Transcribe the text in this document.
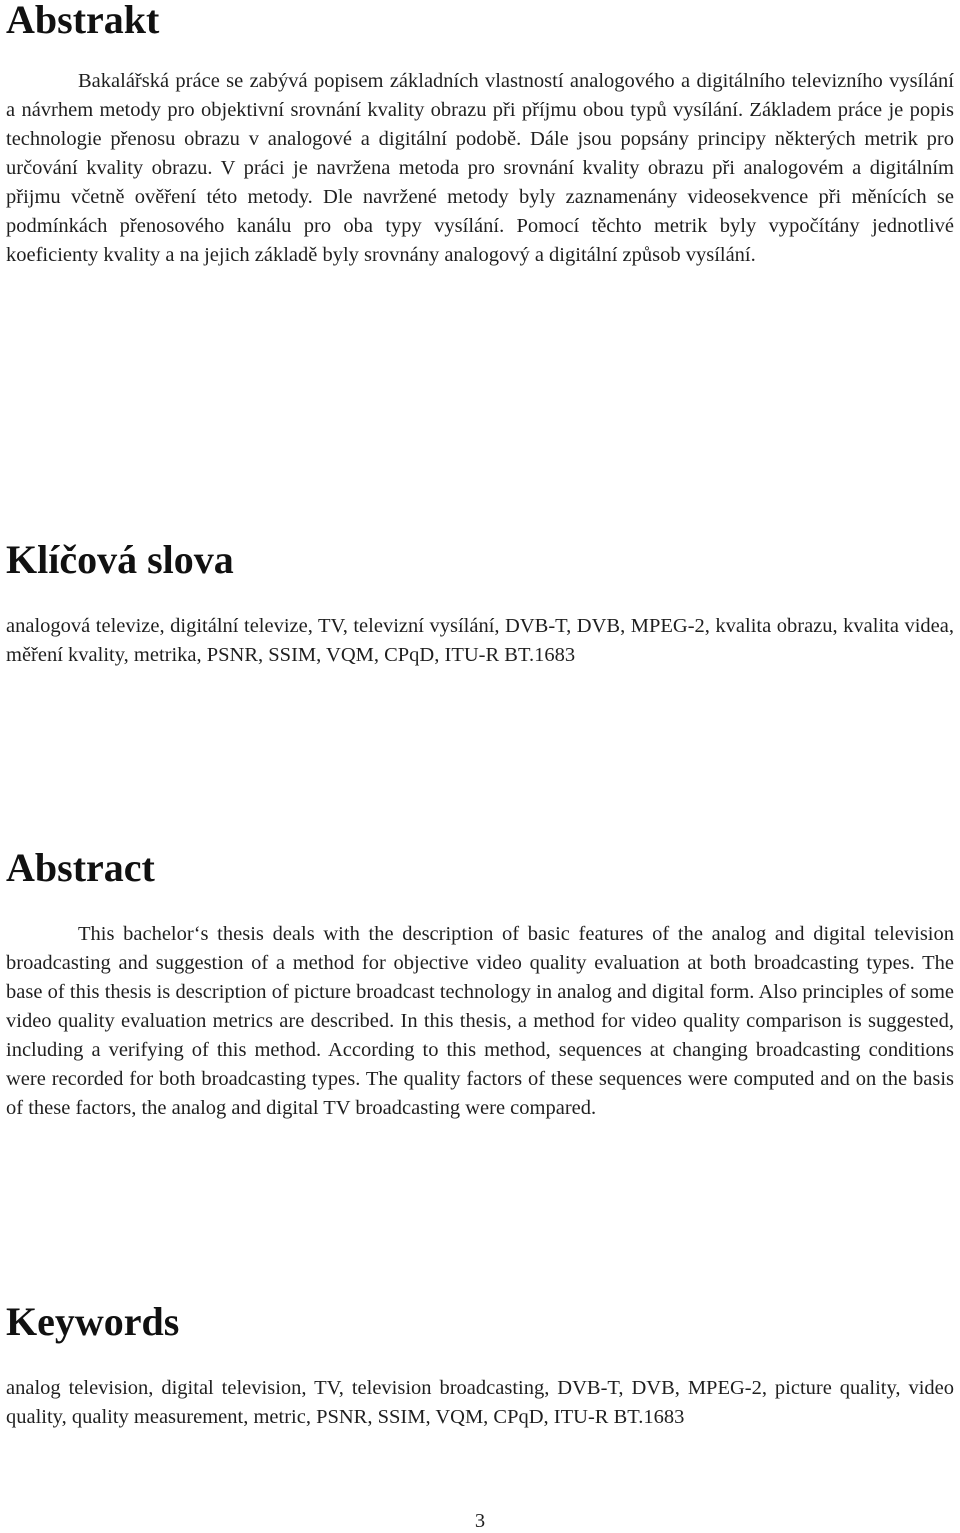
Abstrakt

Bakalářská práce se zabývá popisem základních vlastností analogového a digitálního televizního vysílání a návrhem metody pro objektivní srovnání kvality obrazu při příjmu obou typů vysílání. Základem práce je popis technologie přenosu obrazu v analogové a digitální podobě. Dále jsou popsány principy některých metrik pro určování kvality obrazu. V práci je navržena metoda pro srovnání kvality obrazu při analogovém a digitálním přijmu včetně ověření této metody. Dle navržené metody byly zaznamenány videosekvence při měnících se podmínkách přenosového kanálu pro oba typy vysílání. Pomocí těchto metrik byly vypočítány jednotlivé koeficienty kvality a na jejich základě byly srovnány analogový a digitální způsob vysílání.

Klíčová slova

analogová televize, digitální televize, TV, televizní vysílání, DVB-T, DVB, MPEG-2, kvalita obrazu, kvalita videa, měření kvality, metrika, PSNR, SSIM, VQM, CPqD, ITU-R BT.1683

Abstract

This bachelor‘s thesis deals with the description of basic features of the analog and digital television broadcasting and suggestion of a method for objective video quality evaluation at both broadcasting types. The base of this thesis is description of picture broadcast technology in analog and digital form. Also principles of some video quality evaluation metrics are described. In this thesis, a method for video quality comparison is suggested, including a verifying of this method. According to this method, sequences at changing broadcasting conditions were recorded for both broadcasting types. The quality factors of these sequences were computed and on the basis of these factors, the analog and digital TV broadcasting were compared.

Keywords

analog television, digital television, TV, television broadcasting, DVB-T, DVB, MPEG-2, picture quality, video quality, quality measurement, metric, PSNR, SSIM, VQM, CPqD, ITU-R BT.1683

3
